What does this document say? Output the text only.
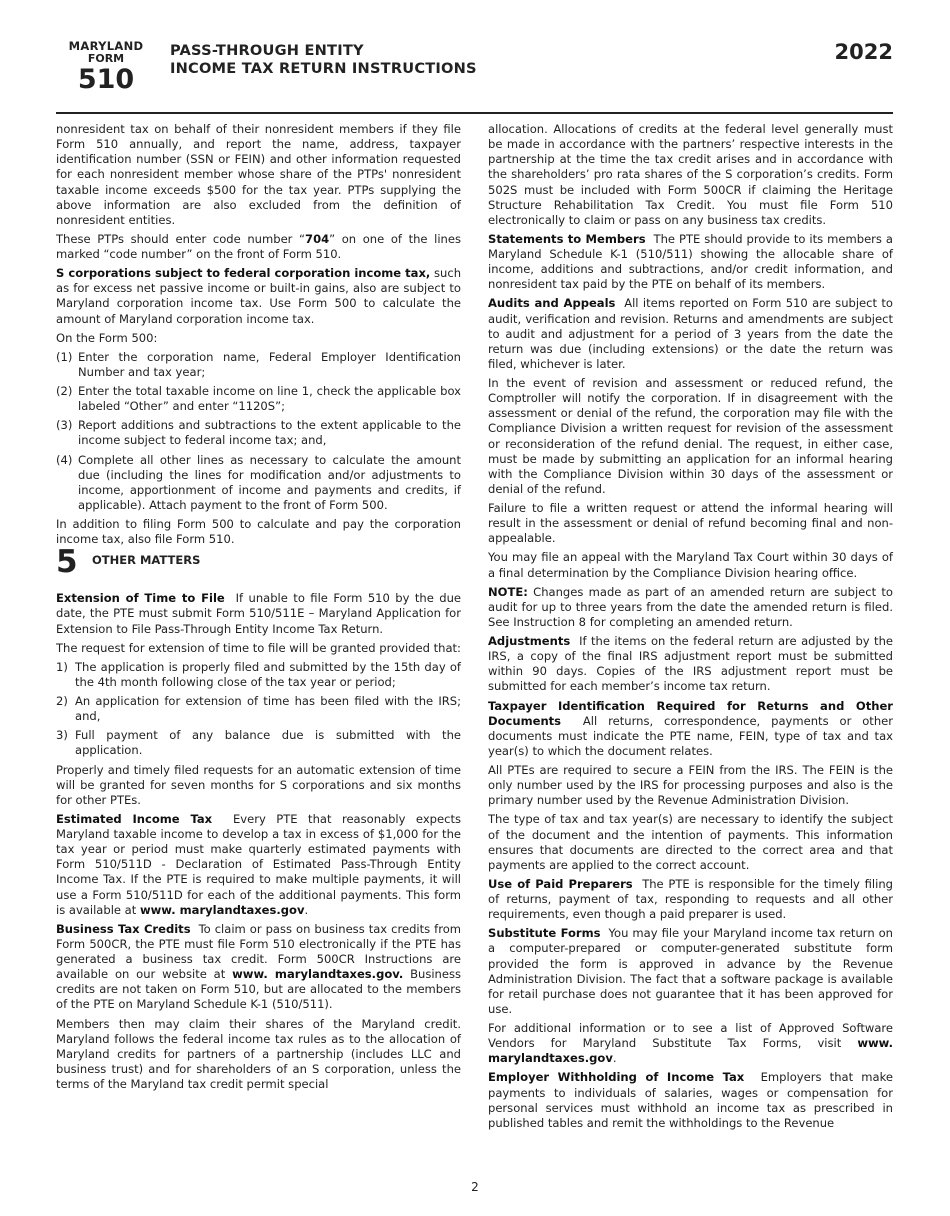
MARYLAND
FORM
510
PASS-THROUGH ENTITY
INCOME TAX RETURN INSTRUCTIONS
2022

nonresident tax on behalf of their nonresident members if they file Form 510 annually, and report the name, address, taxpayer identification number (SSN or FEIN) and other information requested for each nonresident member whose share of the PTPs' nonresident taxable income exceeds $500 for the tax year. PTPs supplying the above information are also excluded from the definition of nonresident entities.

These PTPs should enter code number “704” on one of the lines marked “code number” on the front of Form 510.

S corporations subject to federal corporation income tax, such as for excess net passive income or built-in gains, also are subject to Maryland corporation income tax. Use Form 500 to calculate the amount of Maryland corporation income tax.

On the Form 500:

(1) Enter the corporation name, Federal Employer Identification Number and tax year;
(2) Enter the total taxable income on line 1, check the applicable box labeled “Other” and enter “1120S”;
(3) Report additions and subtractions to the extent applicable to the income subject to federal income tax; and,
(4) Complete all other lines as necessary to calculate the amount due (including the lines for modification and/or adjustments to income, apportionment of income and payments and credits, if applicable). Attach payment to the front of Form 500.

In addition to filing Form 500 to calculate and pay the corporation income tax, also file Form 510.

5 OTHER MATTERS

Extension of Time to File If unable to file Form 510 by the due date, the PTE must submit Form 510/511E – Maryland Application for Extension to File Pass-Through Entity Income Tax Return.

The request for extension of time to file will be granted provided that:

1) The application is properly filed and submitted by the 15th day of the 4th month following close of the tax year or period;
2) An application for extension of time has been filed with the IRS; and,
3) Full payment of any balance due is submitted with the application.

Properly and timely filed requests for an automatic extension of time will be granted for seven months for S corporations and six months for other PTEs.

Estimated Income Tax Every PTE that reasonably expects Maryland taxable income to develop a tax in excess of $1,000 for the tax year or period must make quarterly estimated payments with Form 510/511D - Declaration of Estimated Pass-Through Entity Income Tax. If the PTE is required to make multiple payments, it will use a Form 510/511D for each of the additional payments. This form is available at www. marylandtaxes.gov.

Business Tax Credits To claim or pass on business tax credits from Form 500CR, the PTE must file Form 510 electronically if the PTE has generated a business tax credit. Form 500CR Instructions are available on our website at www. marylandtaxes.gov. Business credits are not taken on Form 510, but are allocated to the members of the PTE on Maryland Schedule K-1 (510/511).

Members then may claim their shares of the Maryland credit. Maryland follows the federal income tax rules as to the allocation of Maryland credits for partners of a partnership (includes LLC and business trust) and for shareholders of an S corporation, unless the terms of the Maryland tax credit permit special

allocation. Allocations of credits at the federal level generally must be made in accordance with the partners’ respective interests in the partnership at the time the tax credit arises and in accordance with the shareholders’ pro rata shares of the S corporation’s credits. Form 502S must be included with Form 500CR if claiming the Heritage Structure Rehabilitation Tax Credit. You must file Form 510 electronically to claim or pass on any business tax credits.

Statements to Members The PTE should provide to its members a Maryland Schedule K-1 (510/511) showing the allocable share of income, additions and subtractions, and/or credit information, and nonresident tax paid by the PTE on behalf of its members.

Audits and Appeals All items reported on Form 510 are subject to audit, verification and revision. Returns and amendments are subject to audit and adjustment for a period of 3 years from the date the return was due (including extensions) or the date the return was filed, whichever is later.

In the event of revision and assessment or reduced refund, the Comptroller will notify the corporation. If in disagreement with the assessment or denial of the refund, the corporation may file with the Compliance Division a written request for revision of the assessment or reconsideration of the refund denial. The request, in either case, must be made by submitting an application for an informal hearing with the Compliance Division within 30 days of the assessment or denial of the refund.

Failure to file a written request or attend the informal hearing will result in the assessment or denial of refund becoming final and non-appealable.

You may file an appeal with the Maryland Tax Court within 30 days of a final determination by the Compliance Division hearing office.

NOTE: Changes made as part of an amended return are subject to audit for up to three years from the date the amended return is filed. See Instruction 8 for completing an amended return.

Adjustments If the items on the federal return are adjusted by the IRS, a copy of the final IRS adjustment report must be submitted within 90 days. Copies of the IRS adjustment report must be submitted for each member’s income tax return.

Taxpayer Identification Required for Returns and Other Documents All returns, correspondence, payments or other documents must indicate the PTE name, FEIN, type of tax and tax year(s) to which the document relates.

All PTEs are required to secure a FEIN from the IRS. The FEIN is the only number used by the IRS for processing purposes and also is the primary number used by the Revenue Administration Division.

The type of tax and tax year(s) are necessary to identify the subject of the document and the intention of payments. This information ensures that documents are directed to the correct area and that payments are applied to the correct account.

Use of Paid Preparers The PTE is responsible for the timely filing of returns, payment of tax, responding to requests and all other requirements, even though a paid preparer is used.

Substitute Forms You may file your Maryland income tax return on a computer-prepared or computer-generated substitute form provided the form is approved in advance by the Revenue Administration Division. The fact that a software package is available for retail purchase does not guarantee that it has been approved for use.

For additional information or to see a list of Approved Software Vendors for Maryland Substitute Tax Forms, visit www. marylandtaxes.gov.

Employer Withholding of Income Tax Employers that make payments to individuals of salaries, wages or compensation for personal services must withhold an income tax as prescribed in published tables and remit the withholdings to the Revenue

2
